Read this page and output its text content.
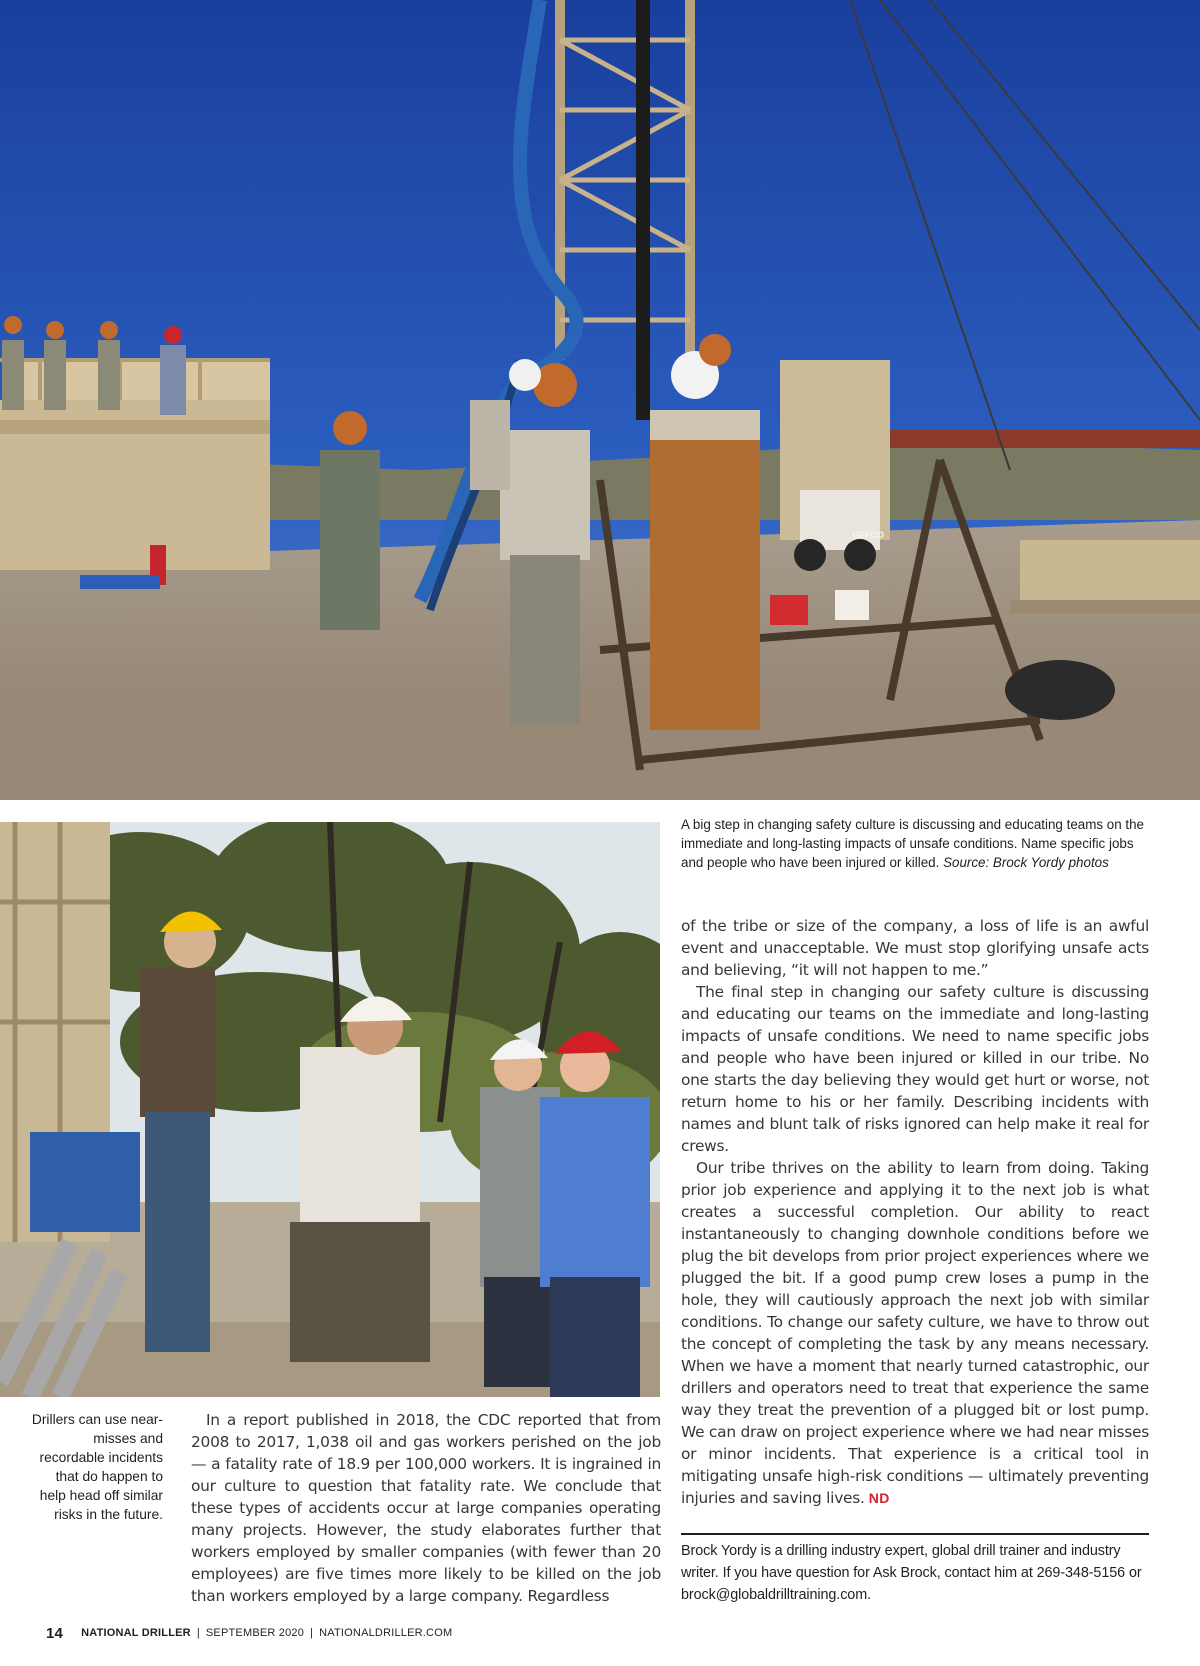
GEFCO
A big step in changing safety culture is discussing and educating teams on the immediate and long-lasting impacts of unsafe conditions. Name specific jobs and people who have been injured or killed. Source: Brock Yordy photos
Drillers can use near-misses and recordable incidents that do happen to help head off similar risks in the future.

In a report published in 2018, the CDC reported that from 2008 to 2017, 1,038 oil and gas workers perished on the job — a fatality rate of 18.9 per 100,000 workers. It is ingrained in our culture to question that fatality rate. We conclude that these types of accidents occur at large companies operating many projects. However, the study elaborates further that workers employed by smaller companies (with fewer than 20 employees) are five times more likely to be killed on the job than workers employed by a large company. Regardless

of the tribe or size of the company, a loss of life is an awful event and unacceptable. We must stop glorifying unsafe acts and believing, “it will not happen to me.”

The final step in changing our safety culture is discussing and educating our teams on the immediate and long-lasting impacts of unsafe conditions. We need to name specific jobs and people who have been injured or killed in our tribe. No one starts the day believing they would get hurt or worse, not return home to his or her family. Describing incidents with names and blunt talk of risks ignored can help make it real for crews.

Our tribe thrives on the ability to learn from doing. Taking prior job experience and applying it to the next job is what creates a successful completion. Our ability to react instantaneously to changing downhole conditions before we plug the bit develops from prior project experiences where we plugged the bit. If a good pump crew loses a pump in the hole, they will cautiously approach the next job with similar conditions. To change our safety culture, we have to throw out the concept of completing the task by any means necessary. When we have a moment that nearly turned catastrophic, our drillers and operators need to treat that experience the same way they treat the prevention of a plugged bit or lost pump. We can draw on project experience where we had near misses or minor incidents. That experience is a critical tool in mitigating unsafe high-risk conditions — ultimately preventing injuries and saving lives. ND

Brock Yordy is a drilling industry expert, global drill trainer and industry writer. If you have question for Ask Brock, contact him at 269-348-5156 or brock@globaldrilltraining.com.
14 NATIONAL DRILLER | SEPTEMBER 2020 | NATIONALDRILLER.COM
